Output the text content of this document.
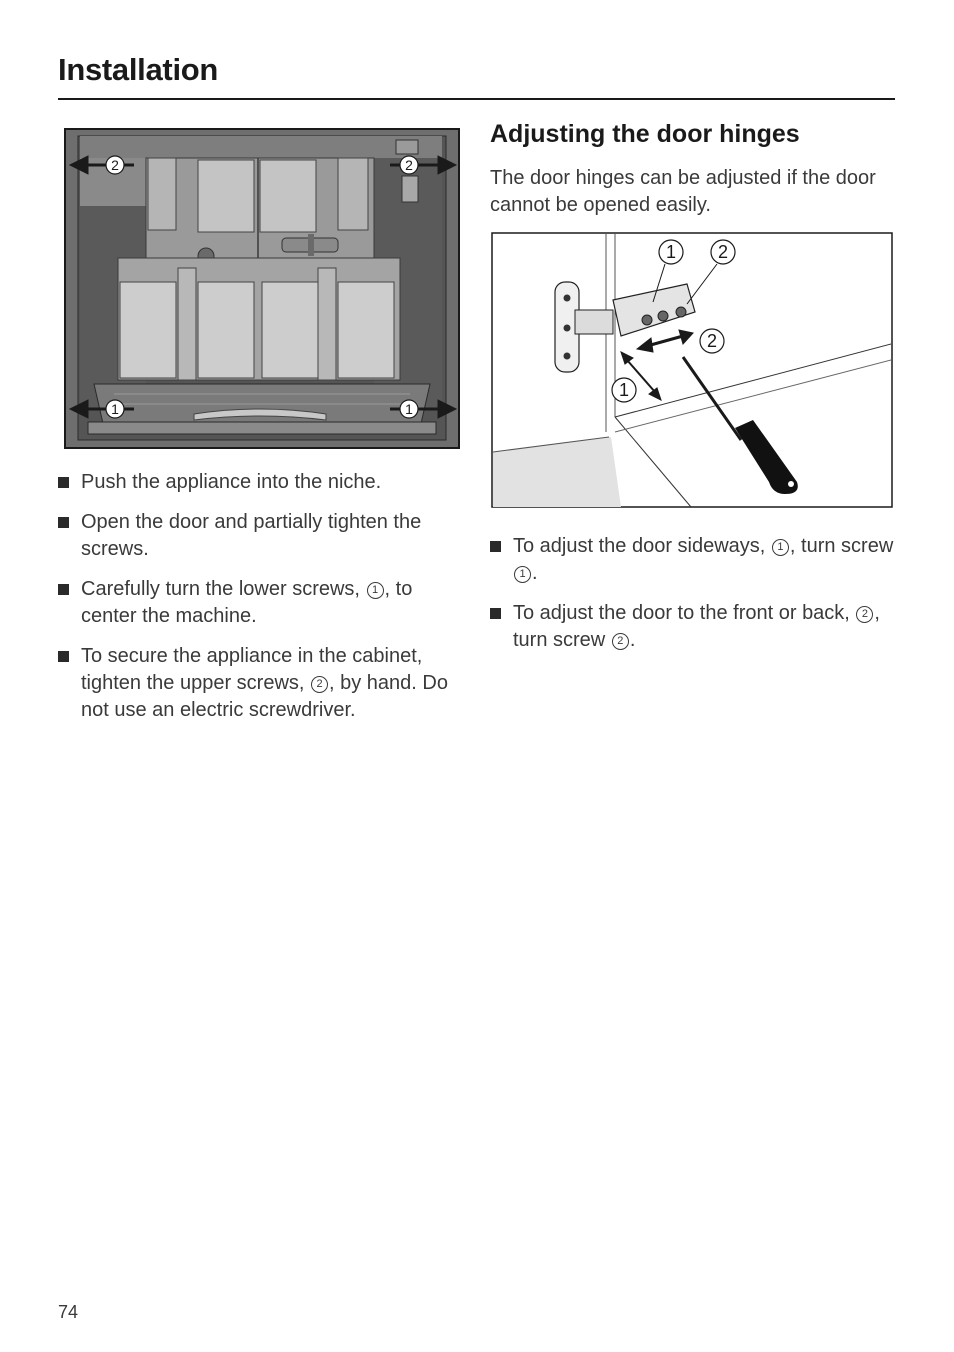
Installation
2	2
1	1
Adjusting the door hinges

The door hinges can be adjusted if the door cannot be opened easily.

1 2
2
1
Push the appliance into the niche.
Open the door and partially tighten the screws.
Carefully turn the lower screws, 1 , to center the machine.
To secure the appliance in the cabinet, tighten the upper screws, 2 , by hand. Do not use an electric screwdriver.
To adjust the door sideways, 1 , turn screw 1 .
To adjust the door to the front or back, 2 , turn screw 2 .
74
